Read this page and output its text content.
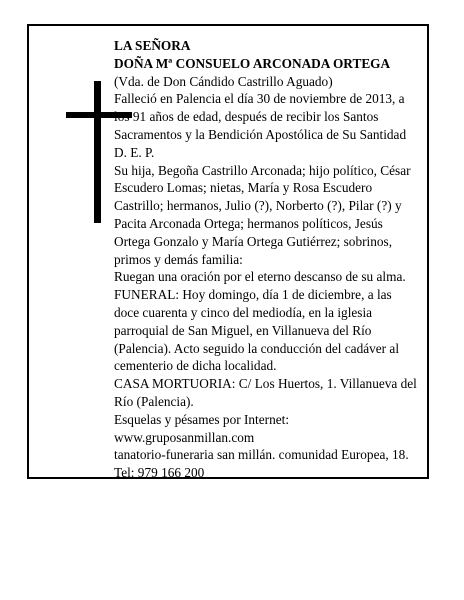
LA SEÑORA

DOÑA Mª CONSUELO ARCONADA ORTEGA

(Vda. de Don Cándido Castrillo Aguado)

Falleció en Palencia el día 30 de noviembre de 2013, a los 91 años de edad, después de recibir los Santos Sacramentos y la Bendición Apostólica de Su Santidad D. E. P.

Su hija, Begoña Castrillo Arconada; hijo político, César Escudero Lomas; nietas, María y Rosa Escudero Castrillo; hermanos, Julio (?), Norberto (?), Pilar (?) y Pacita Arconada Ortega; hermanos políticos, Jesús Ortega Gonzalo y María Ortega Gutiérrez; sobrinos, primos y demás familia:

Ruegan una oración por el eterno descanso de su alma.

FUNERAL: Hoy domingo, día 1 de diciembre, a las doce cuarenta y cinco del mediodía, en la iglesia parroquial de San Miguel, en Villanueva del Río (Palencia). Acto seguido la conducción del cadáver al cementerio de dicha localidad.

CASA MORTUORIA: C/ Los Huertos, 1. Villanueva del Río (Palencia).

Esquelas y pésames por Internet:

www.gruposanmillan.com

tanatorio-funeraria san millán. comunidad Europea, 18.

Tel: 979 166 200
